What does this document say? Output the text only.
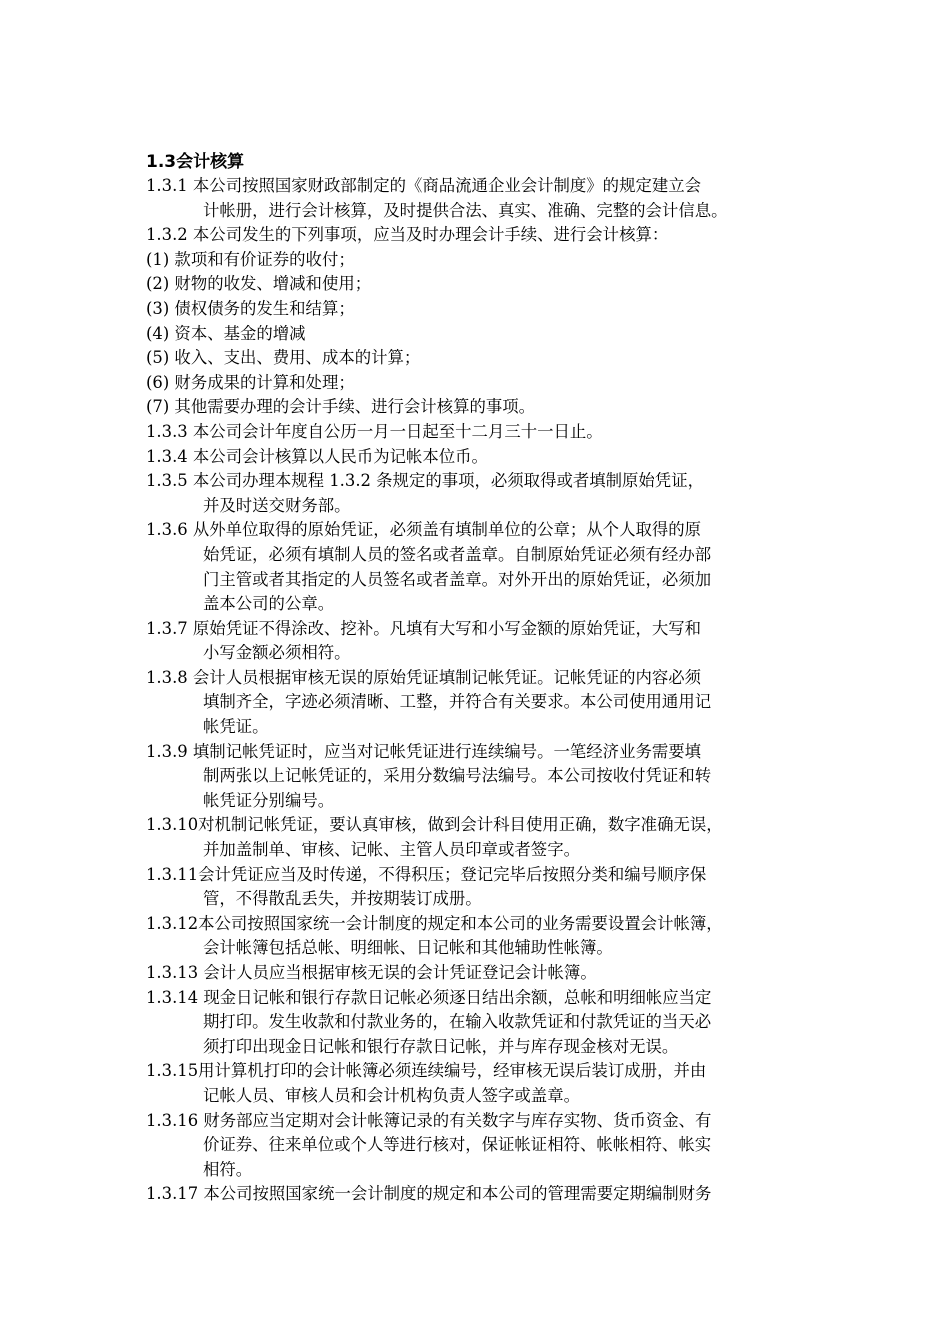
1.3会计核算
1.3.1 本公司按照国家财政部制定的《商品流通企业会计制度》的规定建立会
计帐册，进行会计核算，及时提供合法、真实、准确、完整的会计信息。
1.3.2 本公司发生的下列事项，应当及时办理会计手续、进行会计核算：
(1) 款项和有价证券的收付；
(2) 财物的收发、增减和使用；
(3) 债权债务的发生和结算；
(4) 资本、基金的增减
(5) 收入、支出、费用、成本的计算；
(6) 财务成果的计算和处理；
(7) 其他需要办理的会计手续、进行会计核算的事项。
1.3.3 本公司会计年度自公历一月一日起至十二月三十一日止。
1.3.4 本公司会计核算以人民币为记帐本位币。
1.3.5 本公司办理本规程 1.3.2 条规定的事项，必须取得或者填制原始凭证，
并及时送交财务部。
1.3.6 从外单位取得的原始凭证，必须盖有填制单位的公章；从个人取得的原
始凭证，必须有填制人员的签名或者盖章。自制原始凭证必须有经办部
门主管或者其指定的人员签名或者盖章。对外开出的原始凭证，必须加
盖本公司的公章。
1.3.7 原始凭证不得涂改、挖补。凡填有大写和小写金额的原始凭证，大写和
小写金额必须相符。
1.3.8 会计人员根据审核无误的原始凭证填制记帐凭证。记帐凭证的内容必须
填制齐全，字迹必须清晰、工整，并符合有关要求。本公司使用通用记
帐凭证。
1.3.9 填制记帐凭证时，应当对记帐凭证进行连续编号。一笔经济业务需要填
制两张以上记帐凭证的，采用分数编号法编号。本公司按收付凭证和转
帐凭证分别编号。
1.3.10对机制记帐凭证，要认真审核，做到会计科目使用正确，数字准确无误，
并加盖制单、审核、记帐、主管人员印章或者签字。
1.3.11会计凭证应当及时传递，不得积压；登记完毕后按照分类和编号顺序保
管，不得散乱丢失，并按期装订成册。
1.3.12本公司按照国家统一会计制度的规定和本公司的业务需要设置会计帐簿，
会计帐簿包括总帐、明细帐、日记帐和其他辅助性帐簿。
1.3.13 会计人员应当根据审核无误的会计凭证登记会计帐簿。
1.3.14 现金日记帐和银行存款日记帐必须逐日结出余额，总帐和明细帐应当定
期打印。发生收款和付款业务的，在输入收款凭证和付款凭证的当天必
须打印出现金日记帐和银行存款日记帐，并与库存现金核对无误。
1.3.15用计算机打印的会计帐簿必须连续编号，经审核无误后装订成册，并由
记帐人员、审核人员和会计机构负责人签字或盖章。
1.3.16 财务部应当定期对会计帐簿记录的有关数字与库存实物、货币资金、有
价证券、往来单位或个人等进行核对，保证帐证相符、帐帐相符、帐实
相符。
1.3.17 本公司按照国家统一会计制度的规定和本公司的管理需要定期编制财务
